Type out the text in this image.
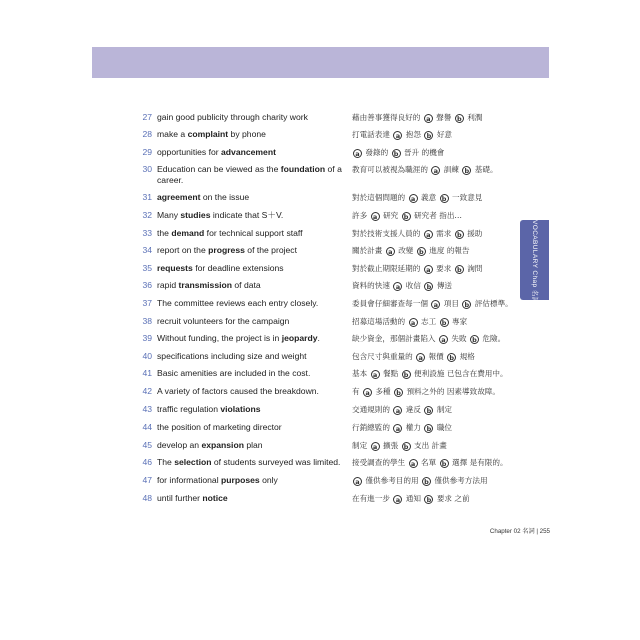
27 gain good publicity through charity work	藉由善事獲得良好的 a 聲譽 b 利潤
28 make a complaint by phone	打電話表達 a 抱怨 b 好意
29 opportunities for advancement	a 發錄的 b 晉升 的機會
30 Education can be viewed as the foundation of a career.
教育可以被視為職涯的 a 訓練 b 基礎。
31 agreement on the issue	對於這個問題的 a 義意 b 一致意見
32 Many studies indicate that S＋V.	許多 a 研究 b 研究者 指出…
33 the demand for technical support staff	對於技術支援人員的 a 需求 b 援助
34 report on the progress of the project	關於計畫 a 改變 b 進度 的報告
35 requests for deadline extensions	對於截止期限延期的 a 要求 b 詢問
36 rapid transmission of data	資料的快速 a 收信 b 傳送
37 The committee reviews each entry closely.	委員會仔細審查每一個 a 項目 b 評估標準。
38 recruit volunteers for the campaign	招募這場活動的 a 志工 b 專家
39 Without funding, the project is in jeopardy.	缺少資金，那個計畫陷入 a 失敗 b 危險。
40 specifications including size and weight	包含尺寸與重量的 a 報價 b 規格
41 Basic amenities are included in the cost.	基本 a 餐點 b 便利設施 已包含在費用中。
42 A variety of factors caused the breakdown.	有 a 多種 b 預料之外的 因素導致故障。
43 traffic regulation violations	交通規則的 a 違反 b 制定
44 the position of marketing director	行銷總監的 a 權力 b 職位
45 develop an expansion plan	制定 a 擴張 b 支出 計畫
46 The selection of students surveyed was limited. 接受調查的學生 a 名單 b 選擇 是有限的。
47 for informational purposes only	a 僅供參考目的用 b 僅供參考方法用
48 until further notice	在有進一步 a 通知 b 要求 之前
VOCABULARY Chap 名詞
Chapter 02 名詞 | 255
